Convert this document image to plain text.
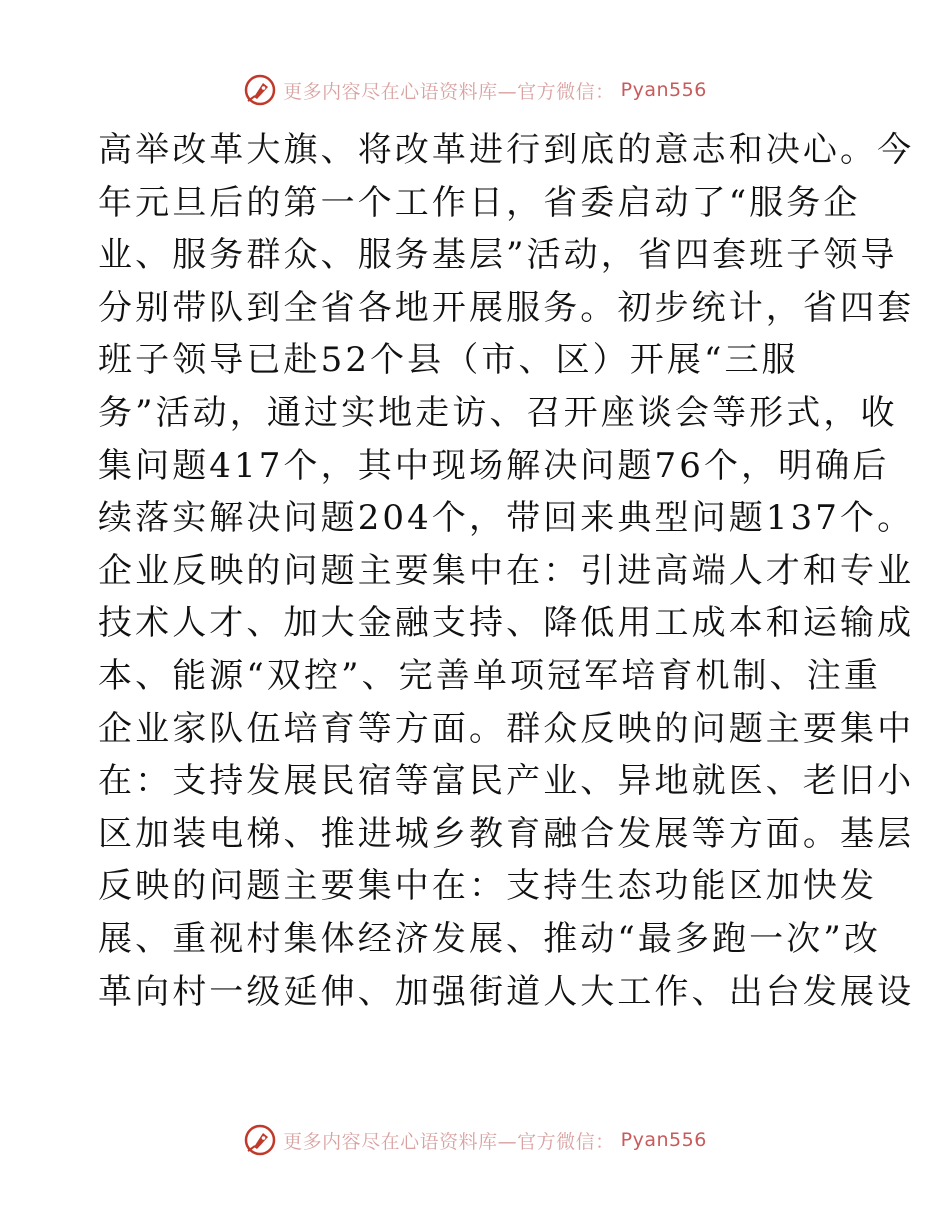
更多内容尽在心语资料库—官方微信： Pyan556
高举改革大旗、将改革进行到底的意志和决心。今
年元旦后的第一个工作日，省委启动了“服务企
业、服务群众、服务基层”活动，省四套班子领导
分别带队到全省各地开展服务。初步统计，省四套
班子领导已赴52个县（市、区）开展“三服
务”活动，通过实地走访、召开座谈会等形式，收
集问题417个，其中现场解决问题76个，明确后
续落实解决问题204个，带回来典型问题137个。
企业反映的问题主要集中在：引进高端人才和专业
技术人才、加大金融支持、降低用工成本和运输成
本、能源“双控”、完善单项冠军培育机制、注重
企业家队伍培育等方面。群众反映的问题主要集中
在：支持发展民宿等富民产业、异地就医、老旧小
区加装电梯、推进城乡教育融合发展等方面。基层
反映的问题主要集中在：支持生态功能区加快发
展、重视村集体经济发展、推动“最多跑一次”改
革向村一级延伸、加强街道人大工作、出台发展设
更多内容尽在心语资料库—官方微信： Pyan556
